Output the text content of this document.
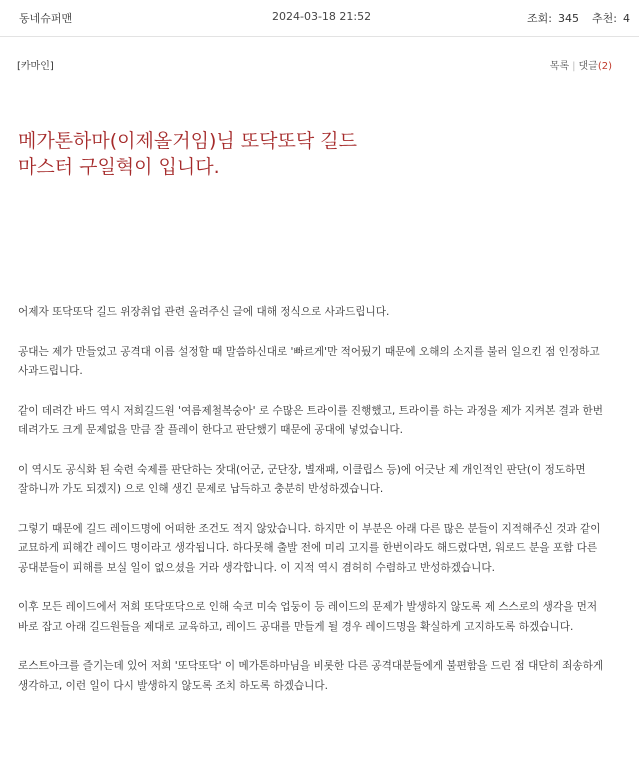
동네슈퍼맨	2024-03-18 21:52	조회: 345 추천: 4
[카마인]	목록 | 댓글(2)
메가톤하마(이제올거임)님 또닥또닥 길드
마스터 구일혁이 입니다.

어제자 또닥또닥 길드 위장취업 관련 올려주신 글에 대해 정식으로 사과드립니다.

공대는 제가 만들었고 공격대 이름 설정할 때 말씀하신대로 '빠르게'만 적어뒀기 때문에 오해의 소지를 불러 일으킨 점 인정하고 사과드립니다.

같이 데려간 바드 역시 저희길드원 '여름제철복숭아' 로 수많은 트라이를 진행했고, 트라이를 하는 과정을 제가 지켜본 결과 한번 데려가도 크게 문제없을 만큼 잘 플레이 한다고 판단했기 때문에 공대에 넣었습니다.

이 역시도 공식화 된 숙련 숙제를 판단하는 잣대(어군, 군단장, 별재패, 이클립스 등)에 어긋난 제 개인적인 판단(이 정도하면 잘하니까 가도 되겠지) 으로 인해 생긴 문제로 납득하고 충분히 반성하겠습니다.

그렇기 때문에 길드 레이드명에 어떠한 조건도 적지 않았습니다. 하지만 이 부분은 아래 다른 많은 분들이 지적해주신 것과 같이 교묘하게 피해간 레이드 명이라고 생각됩니다. 하다못해 출발 전에 미리 고지를 한번이라도 해드렸다면, 워로드 분을 포함 다른 공대분들이 피해를 보실 일이 없으셨을 거라 생각합니다. 이 지적 역시 겸허히 수렴하고 반성하겠습니다.

이후 모든 레이드에서 저희 또닥또닥으로 인해 숙코 미숙 업둥이 등 레이드의 문제가 발생하지 않도록 제 스스로의 생각을 먼저 바로 잡고 아래 길드원들을 제대로 교육하고, 레이드 공대를 만들게 될 경우 레이드명을 확실하게 고지하도록 하겠습니다.

로스트아크를 즐기는데 있어 저희 '또닥또닥' 이 메가톤하마님을 비롯한 다른 공격대분들에게 불편함을 드린 점 대단히 죄송하게 생각하고, 이런 일이 다시 발생하지 않도록 조치 하도록 하겠습니다.
